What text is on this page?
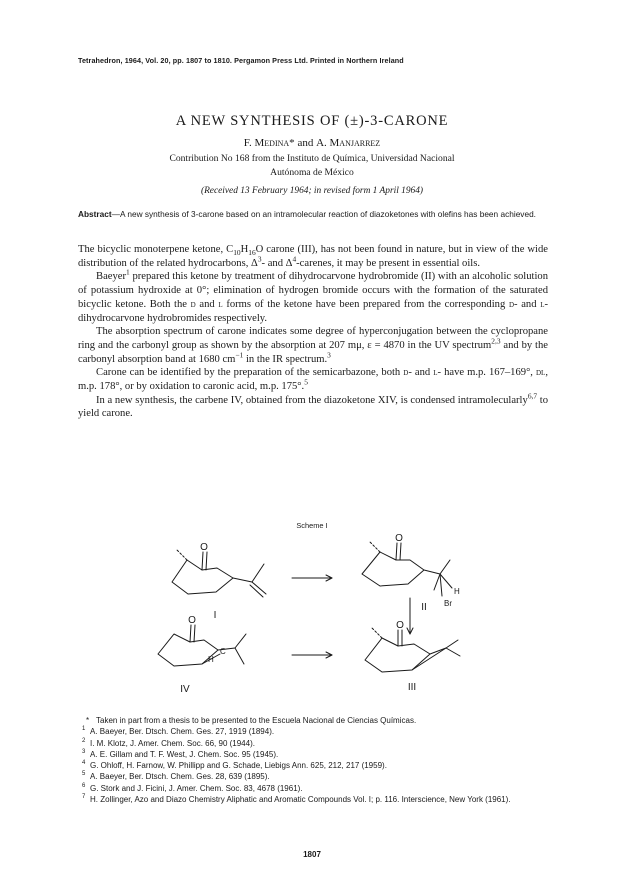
Tetrahedron, 1964, Vol. 20, pp. 1807 to 1810. Pergamon Press Ltd. Printed in Northern Ireland
A NEW SYNTHESIS OF (±)-3-CARONE
F. Medina* and A. Manjarrez
Contribution No 168 from the Instituto de Química, Universidad Nacional
Autónoma de México
(Received 13 February 1964; in revised form 1 April 1964)
Abstract—A new synthesis of 3-carone based on an intramolecular reaction of diazoketones with olefins has been achieved.

The bicyclic monoterpene ketone, $C_{10}H_{16}O$ carone (III), has not been found in nature, but in view of the wide distribution of the related hydrocarbons, $\Delta^3-$ and $\Delta^4$-carenes, it may be present in essential oils.

Baeyer$^1$ prepared this ketone by treatment of dihydrocarvone hydrobromide (II) with an alcoholic solution of potassium hydroxide at 0°; elimination of hydrogen bromide occurs with the formation of the saturated bicyclic ketone. Both the d and l forms of the ketone have been prepared from the corresponding d- and l-dihydrocarvone hydrobromides respectively.

The absorption spectrum of carone indicates some degree of hyperconjugation between the cyclopropane ring and the carbonyl group as shown by the absorption at 207 mμ, ε = 4870 in the UV spectrum$^{2,3}$ and by the carbonyl absorption band at 1680 $cm^{-1}$ in the IR spectrum.$^3$

Carone can be identified by the preparation of the semicarbazone, both d- and l- have m.p. 167–169°, dl, m.p. 178°, or by oxidation to caronic acid, m.p. 175°.$^5$

In a new synthesis, the carbene IV, obtained from the diazoketone XIV, is condensed intramolecularly$^{6,7}$ to yield carone.

Scheme I
O
O
O
O
H
Br
C
H
I
II
III
IV
* Taken in part from a thesis to be presented to the Escuela Nacional de Ciencias Químicas.
1 A. Baeyer, Ber. Dtsch. Chem. Ges. 27, 1919 (1894).
2 I. M. Klotz, J. Amer. Chem. Soc. 66, 90 (1944).
3 A. E. Gillam and T. F. West, J. Chem. Soc. 95 (1945).
4 G. Ohloff, H. Farnow, W. Phillipp and G. Schade, Liebigs Ann. 625, 212, 217 (1959).
5 A. Baeyer, Ber. Dtsch. Chem. Ges. 28, 639 (1895).
6 G. Stork and J. Ficini, J. Amer. Chem. Soc. 83, 4678 (1961).
7 H. Zollinger, Azo and Diazo Chemistry Aliphatic and Aromatic Compounds Vol. I; p. 116. Interscience, New York (1961).
1807
